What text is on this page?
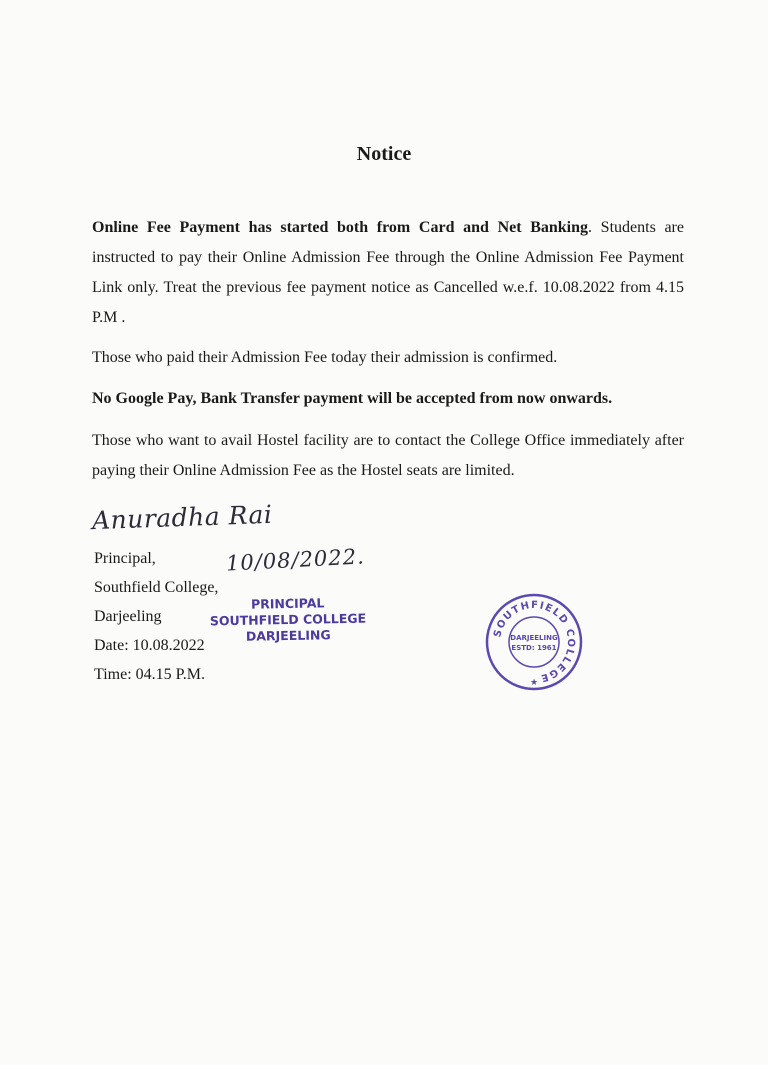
Notice

Online Fee Payment has started both from Card and Net Banking. Students are instructed to pay their Online Admission Fee through the Online Admission Fee Payment Link only. Treat the previous fee payment notice as Cancelled w.e.f. 10.08.2022 from 4.15 P.M .

Those who paid their Admission Fee today their admission is confirmed.

No Google Pay, Bank Transfer payment will be accepted from now onwards.

Those who want to avail Hostel facility are to contact the College Office immediately after paying their Online Admission Fee as the Hostel seats are limited.

Anuradha Rai
10/08/2022.
Principal,
Southfield College,
Darjeeling
Date: 10.08.2022
Time: 04.15 P.M.
PRINCIPAL
SOUTHFIELD COLLEGE
DARJEELING	SOUTHFIELD COLLEGE
DARJEELING
ESTD: 1961
★
